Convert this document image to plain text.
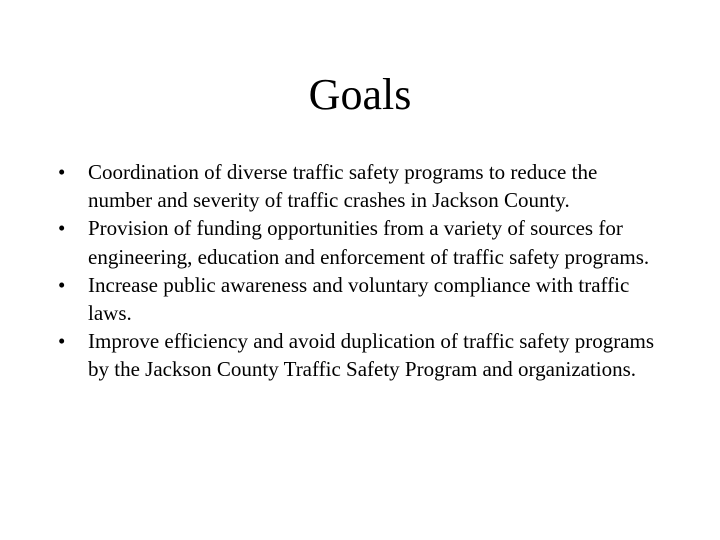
Goals
• Coordination of diverse traffic safety programs to reduce the number and severity of traffic crashes in Jackson County.
• Provision of funding opportunities from a variety of sources for engineering, education and enforcement of traffic safety programs.
• Increase public awareness and voluntary compliance with traffic laws.
• Improve efficiency and avoid duplication of traffic safety programs by the Jackson County Traffic Safety Program and organizations.
